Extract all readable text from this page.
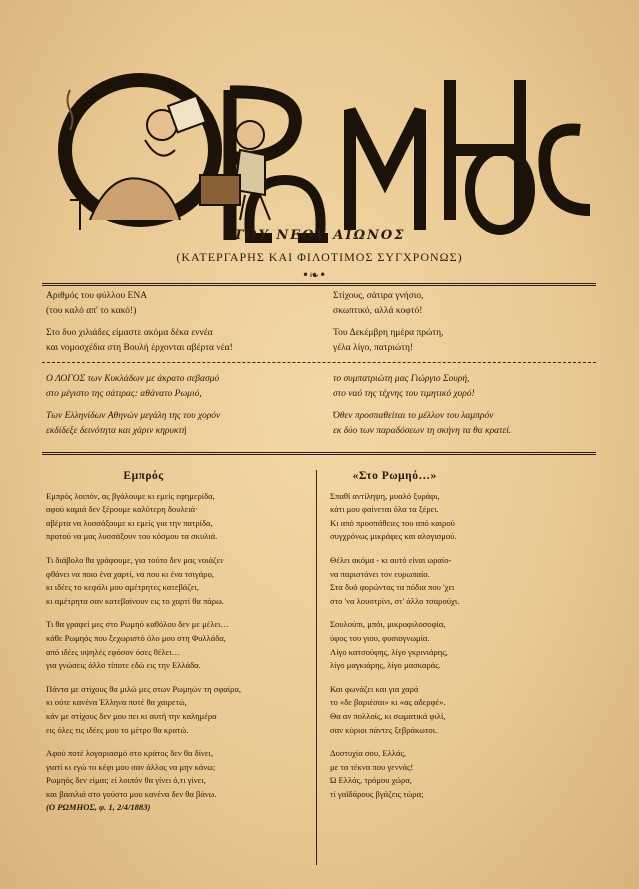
ΤΟΥ ΝΕΟΥ ΑΙΩΝΟΣ
(ΚΑΤΕΡΓΑΡΗΣ ΚΑΙ ΦΙΛΟΤΙΜΟΣ ΣΥΓΧΡΟΝΩΣ)
•❧•

Αριθμός του φύλλου ΕΝΑ

(του καλό απ' το κακό!)

Στο δυο χιλιάδες είμαστε ακόμα δέκα εννέα

και νομοσχέδια στη Βουλή έρχονται αβέρτα νέα!

Στίχους, σάτιρα γνήσιο,

σκωπτικό, αλλά κοφτό!

Του Δεκέμβρη ημέρα πρώτη,

γέλα λίγο, πατριώτη!

Ο ΛΟΓΟΣ των Κυκλάδων με άκρατο σεβασμό

στο μέγιστο της σάτιρας: αθάνατο Ρωμιό,

Των Ελληνίδων Αθηνών μεγάλη της του χορόν

εκδίδεξε δεινότητα και χάριν κηρυκτή

το συμπατριώτη μας Γιώργιο Σουρή,

στο ναό της τέχνης του τιμητικό χορό!

Όθεν προσπαθείται το μέλλον του λαμπρόν

εκ δύο των παραδόσεων τη σκήνη τα θα κρατεί.

Εμπρός

Εμπρός λοιπόν, ας βγάλουμε κι εμείς εφημερίδα,

αφού καμιά δεν ξέρουμε καλύτερη δουλειά·

αβέρτα να λυσσάξουμε κι εμείς για την πατρίδα,

προτού να μας λυσσάξουν του κόσμου τα σκυλιά.

Τι διάβολο θα γράφουμε, για τούτο δεν μας νοιάζει·

φθάνει να ποιο ένα χαρτί, να που κι ένα τσιγάρο,

κι ιδέες το κεφάλι μου αμέτρητες κατεβάζει,

κι αμέτρητα σαν κατεβαίνουν εις το χαρτί θα πάρω.

Τι θα γραφεί μες στο Ρωμηό καθόλου δεν με μέλει…

κάθε Ρωμηός που ξεχωριστό όλο μου στη Φυλλάδα,

από ιδέες υψηλές εφόσον όσες θέλει…

για γνώσεις άλλο τίποτε εδώ εις την Ελλάδα.

Πάντα με στίχους θα μιλώ μες στων Ρωμηών τη σφαίρα,

κι ούτε κανένα Έλληνα ποτέ θα χαιρετώ,

κάν με στίχους δεν μου πει κι αυτή την καλημέρα

εις όλες τις ιδέες μου το μέτρο θα κρατώ.

Αφού ποτέ λογαριασμό στο κράτος δεν θα δίνει,

γιατί κι εγώ το κέφι μου σαν άλλος να μην κάνω;

Ρωμηός δεν είμαι; εί λοιπόν θα γίνει ό,τι γίνει,

και βασιλιά στο γούστο μου κανένα δεν θα βάνω.

(Ο ΡΩΜΗΟΣ, φ. 1, 2/4/1883)

«Στο Ρωμηό…»

Σπαθί αντίληψη, μυαλό ξυράφι,

κάτι μου φαίνεται όλα τα ξέρει.

Κι από προσπάθειες του από καιρού

συγχρόνως μικράφες και αλογισμού.

Θέλει ακόμα - κι αυτό είναι ωραίο-

να παριστάνει τον ευρωπαίο.

Στα δυό φορώντας τα πόδια που 'χει

στο 'να λουστρίνι, στ' άλλο τσαρούχι.

Σουλούπι, μπόι, μικροφιλοσοφία,

ύφος του γιου, φυσιογνωμία.

Λίγο κατσούφης, λίγο γκρινιάρης,

λίγο μαγκιάρης, λίγο μασκαράς.

Και φωνάζει και για χαρά

το «δε βαριέσαι» κι «ας αδερφέ».

Θα αν πολλοίς, κι σωματικά φιλί,

σαν κύριοι πάντες ξεβράκωτοι.

Δυστυχία σου, Ελλάς,

με τα τέκνα που γεννάς!

Ώ Ελλάς, τρόμου χώρα,

τί γαϊδάρους βγάζεις τώρα;
